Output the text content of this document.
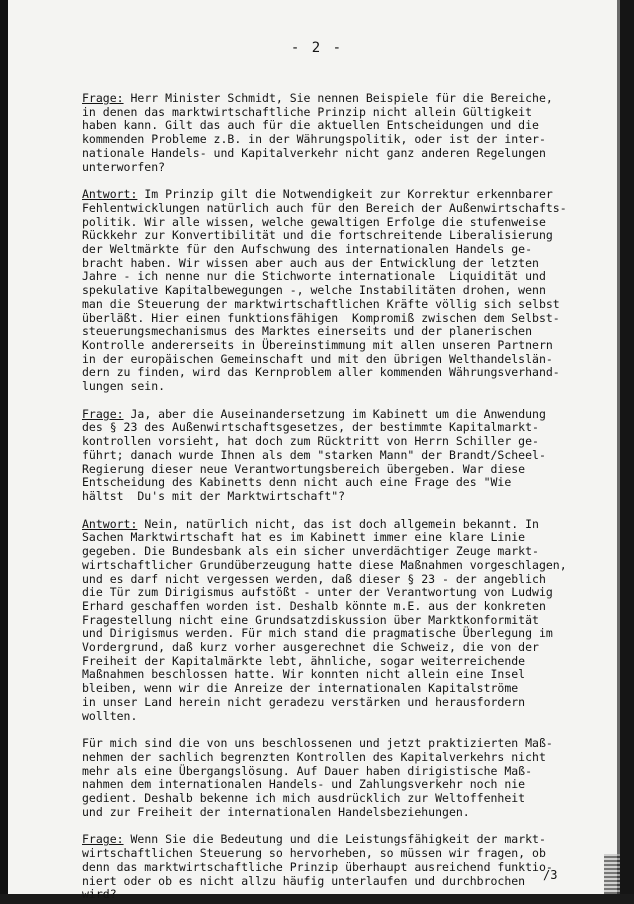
- 2 -

Frage: Herr Minister Schmidt, Sie nennen Beispiele für die Bereiche,
in denen das marktwirtschaftliche Prinzip nicht allein Gültigkeit
haben kann. Gilt das auch für die aktuellen Entscheidungen und die
kommenden Probleme z.B. in der Währungspolitik, oder ist der inter-
nationale Handels- und Kapitalverkehr nicht ganz anderen Regelungen
unterworfen?

Antwort: Im Prinzip gilt die Notwendigkeit zur Korrektur erkennbarer
Fehlentwicklungen natürlich auch für den Bereich der Außenwirtschafts-
politik. Wir alle wissen, welche gewaltigen Erfolge die stufenweise
Rückkehr zur Konvertibilität und die fortschreitende Liberalisierung
der Weltmärkte für den Aufschwung des internationalen Handels ge-
bracht haben. Wir wissen aber auch aus der Entwicklung der letzten
Jahre - ich nenne nur die Stichworte internationale  Liquidität und
spekulative Kapitalbewegungen -, welche Instabilitäten drohen, wenn
man die Steuerung der marktwirtschaftlichen Kräfte völlig sich selbst
überläßt. Hier einen funktionsfähigen  Kompromiß zwischen dem Selbst-
steuerungsmechanismus des Marktes einerseits und der planerischen
Kontrolle andererseits in Übereinstimmung mit allen unseren Partnern
in der europäischen Gemeinschaft und mit den übrigen Welthandelslän-
dern zu finden, wird das Kernproblem aller kommenden Währungsverhand-
lungen sein.

Frage: Ja, aber die Auseinandersetzung im Kabinett um die Anwendung
des § 23 des Außenwirtschaftsgesetzes, der bestimmte Kapitalmarkt-
kontrollen vorsieht, hat doch zum Rücktritt von Herrn Schiller ge-
führt; danach wurde Ihnen als dem "starken Mann" der Brandt/Scheel-
Regierung dieser neue Verantwortungsbereich übergeben. War diese
Entscheidung des Kabinetts denn nicht auch eine Frage des "Wie
hältst  Du's mit der Marktwirtschaft"?

Antwort: Nein, natürlich nicht, das ist doch allgemein bekannt. In
Sachen Marktwirtschaft hat es im Kabinett immer eine klare Linie
gegeben. Die Bundesbank als ein sicher unverdächtiger Zeuge markt-
wirtschaftlicher Grundüberzeugung hatte diese Maßnahmen vorgeschlagen,
und es darf nicht vergessen werden, daß dieser § 23 - der angeblich
die Tür zum Dirigismus aufstößt - unter der Verantwortung von Ludwig
Erhard geschaffen worden ist. Deshalb könnte m.E. aus der konkreten
Fragestellung nicht eine Grundsatzdiskussion über Marktkonformität
und Dirigismus werden. Für mich stand die pragmatische Überlegung im
Vordergrund, daß kurz vorher ausgerechnet die Schweiz, die von der
Freiheit der Kapitalmärkte lebt, ähnliche, sogar weiterreichende
Maßnahmen beschlossen hatte. Wir konnten nicht allein eine Insel
bleiben, wenn wir die Anreize der internationalen Kapitalströme
in unser Land herein nicht geradezu verstärken und herausfordern
wollten.

Für mich sind die von uns beschlossenen und jetzt praktizierten Maß-
nehmen der sachlich begrenzten Kontrollen des Kapitalverkehrs nicht
mehr als eine Übergangslösung. Auf Dauer haben dirigistische Maß-
nahmen dem internationalen Handels- und Zahlungsverkehr noch nie
gedient. Deshalb bekenne ich mich ausdrücklich zur Weltoffenheit
und zur Freiheit der internationalen Handelsbeziehungen.

Frage: Wenn Sie die Bedeutung und die Leistungsfähigkeit der markt-
wirtschaftlichen Steuerung so hervorheben, so müssen wir fragen, ob
denn das marktwirtschaftliche Prinzip überhaupt ausreichend funktio-
niert oder ob es nicht allzu häufig unterlaufen und durchbrochen
wird?

/3
